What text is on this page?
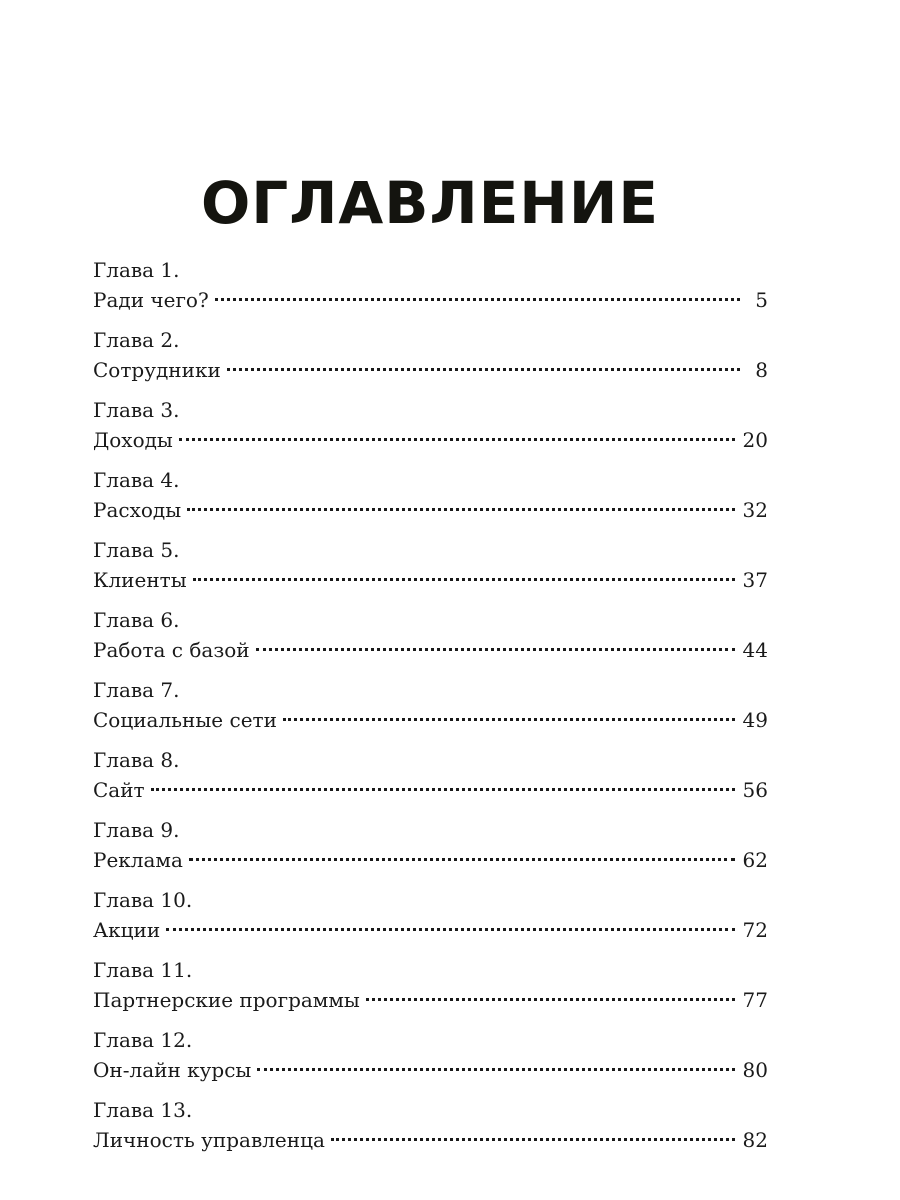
ОГЛАВЛЕНИЕ
Глава 1.
Ради чего?	5
Глава 2.
Сотрудники	8
Глава 3.
Доходы	20
Глава 4.
Расходы	32
Глава 5.
Клиенты	37
Глава 6.
Работа с базой	44
Глава 7.
Социальные сети	49
Глава 8.
Сайт	56
Глава 9.
Реклама	62
Глава 10.
Акции	72
Глава 11.
Партнерские программы	77
Глава 12.
Он-лайн курсы	80
Глава 13.
Личность управленца	82
